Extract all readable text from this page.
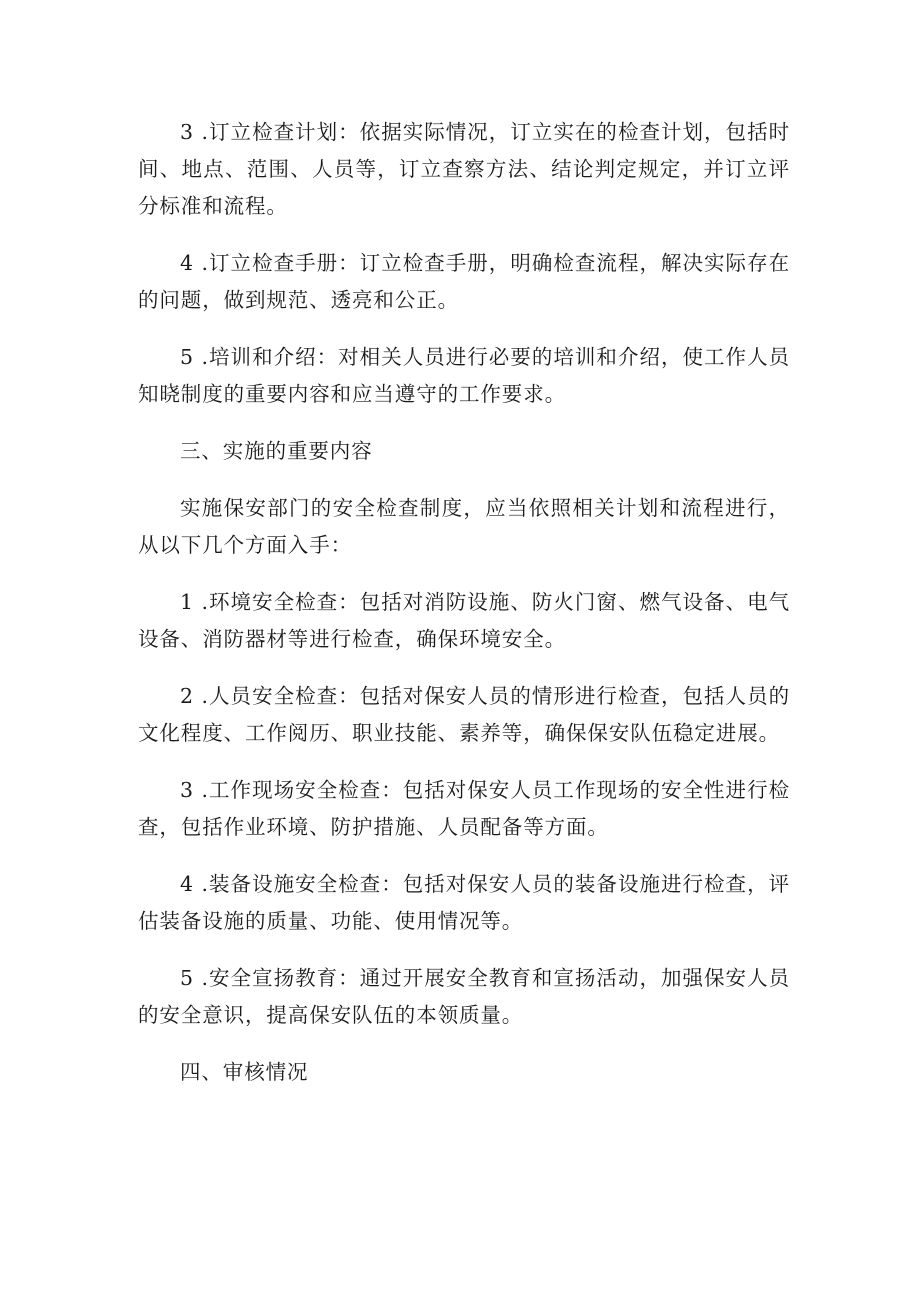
3 .订立检查计划：依据实际情况，订立实在的检查计划，包括时间、地点、范围、人员等，订立查察方法、结论判定规定，并订立评分标准和流程。

4 .订立检查手册：订立检查手册，明确检查流程，解决实际存在的问题，做到规范、透亮和公正。

5 .培训和介绍：对相关人员进行必要的培训和介绍，使工作人员知晓制度的重要内容和应当遵守的工作要求。

三、实施的重要内容

实施保安部门的安全检查制度，应当依照相关计划和流程进行，从以下几个方面入手：

1 .环境安全检查：包括对消防设施、防火门窗、燃气设备、电气设备、消防器材等进行检查，确保环境安全。

2 .人员安全检查：包括对保安人员的情形进行检查，包括人员的文化程度、工作阅历、职业技能、素养等，确保保安队伍稳定进展。

3 .工作现场安全检查：包括对保安人员工作现场的安全性进行检查，包括作业环境、防护措施、人员配备等方面。

4 .装备设施安全检查：包括对保安人员的装备设施进行检查，评估装备设施的质量、功能、使用情况等。

5 .安全宣扬教育：通过开展安全教育和宣扬活动，加强保安人员的安全意识，提高保安队伍的本领质量。

四、审核情况
